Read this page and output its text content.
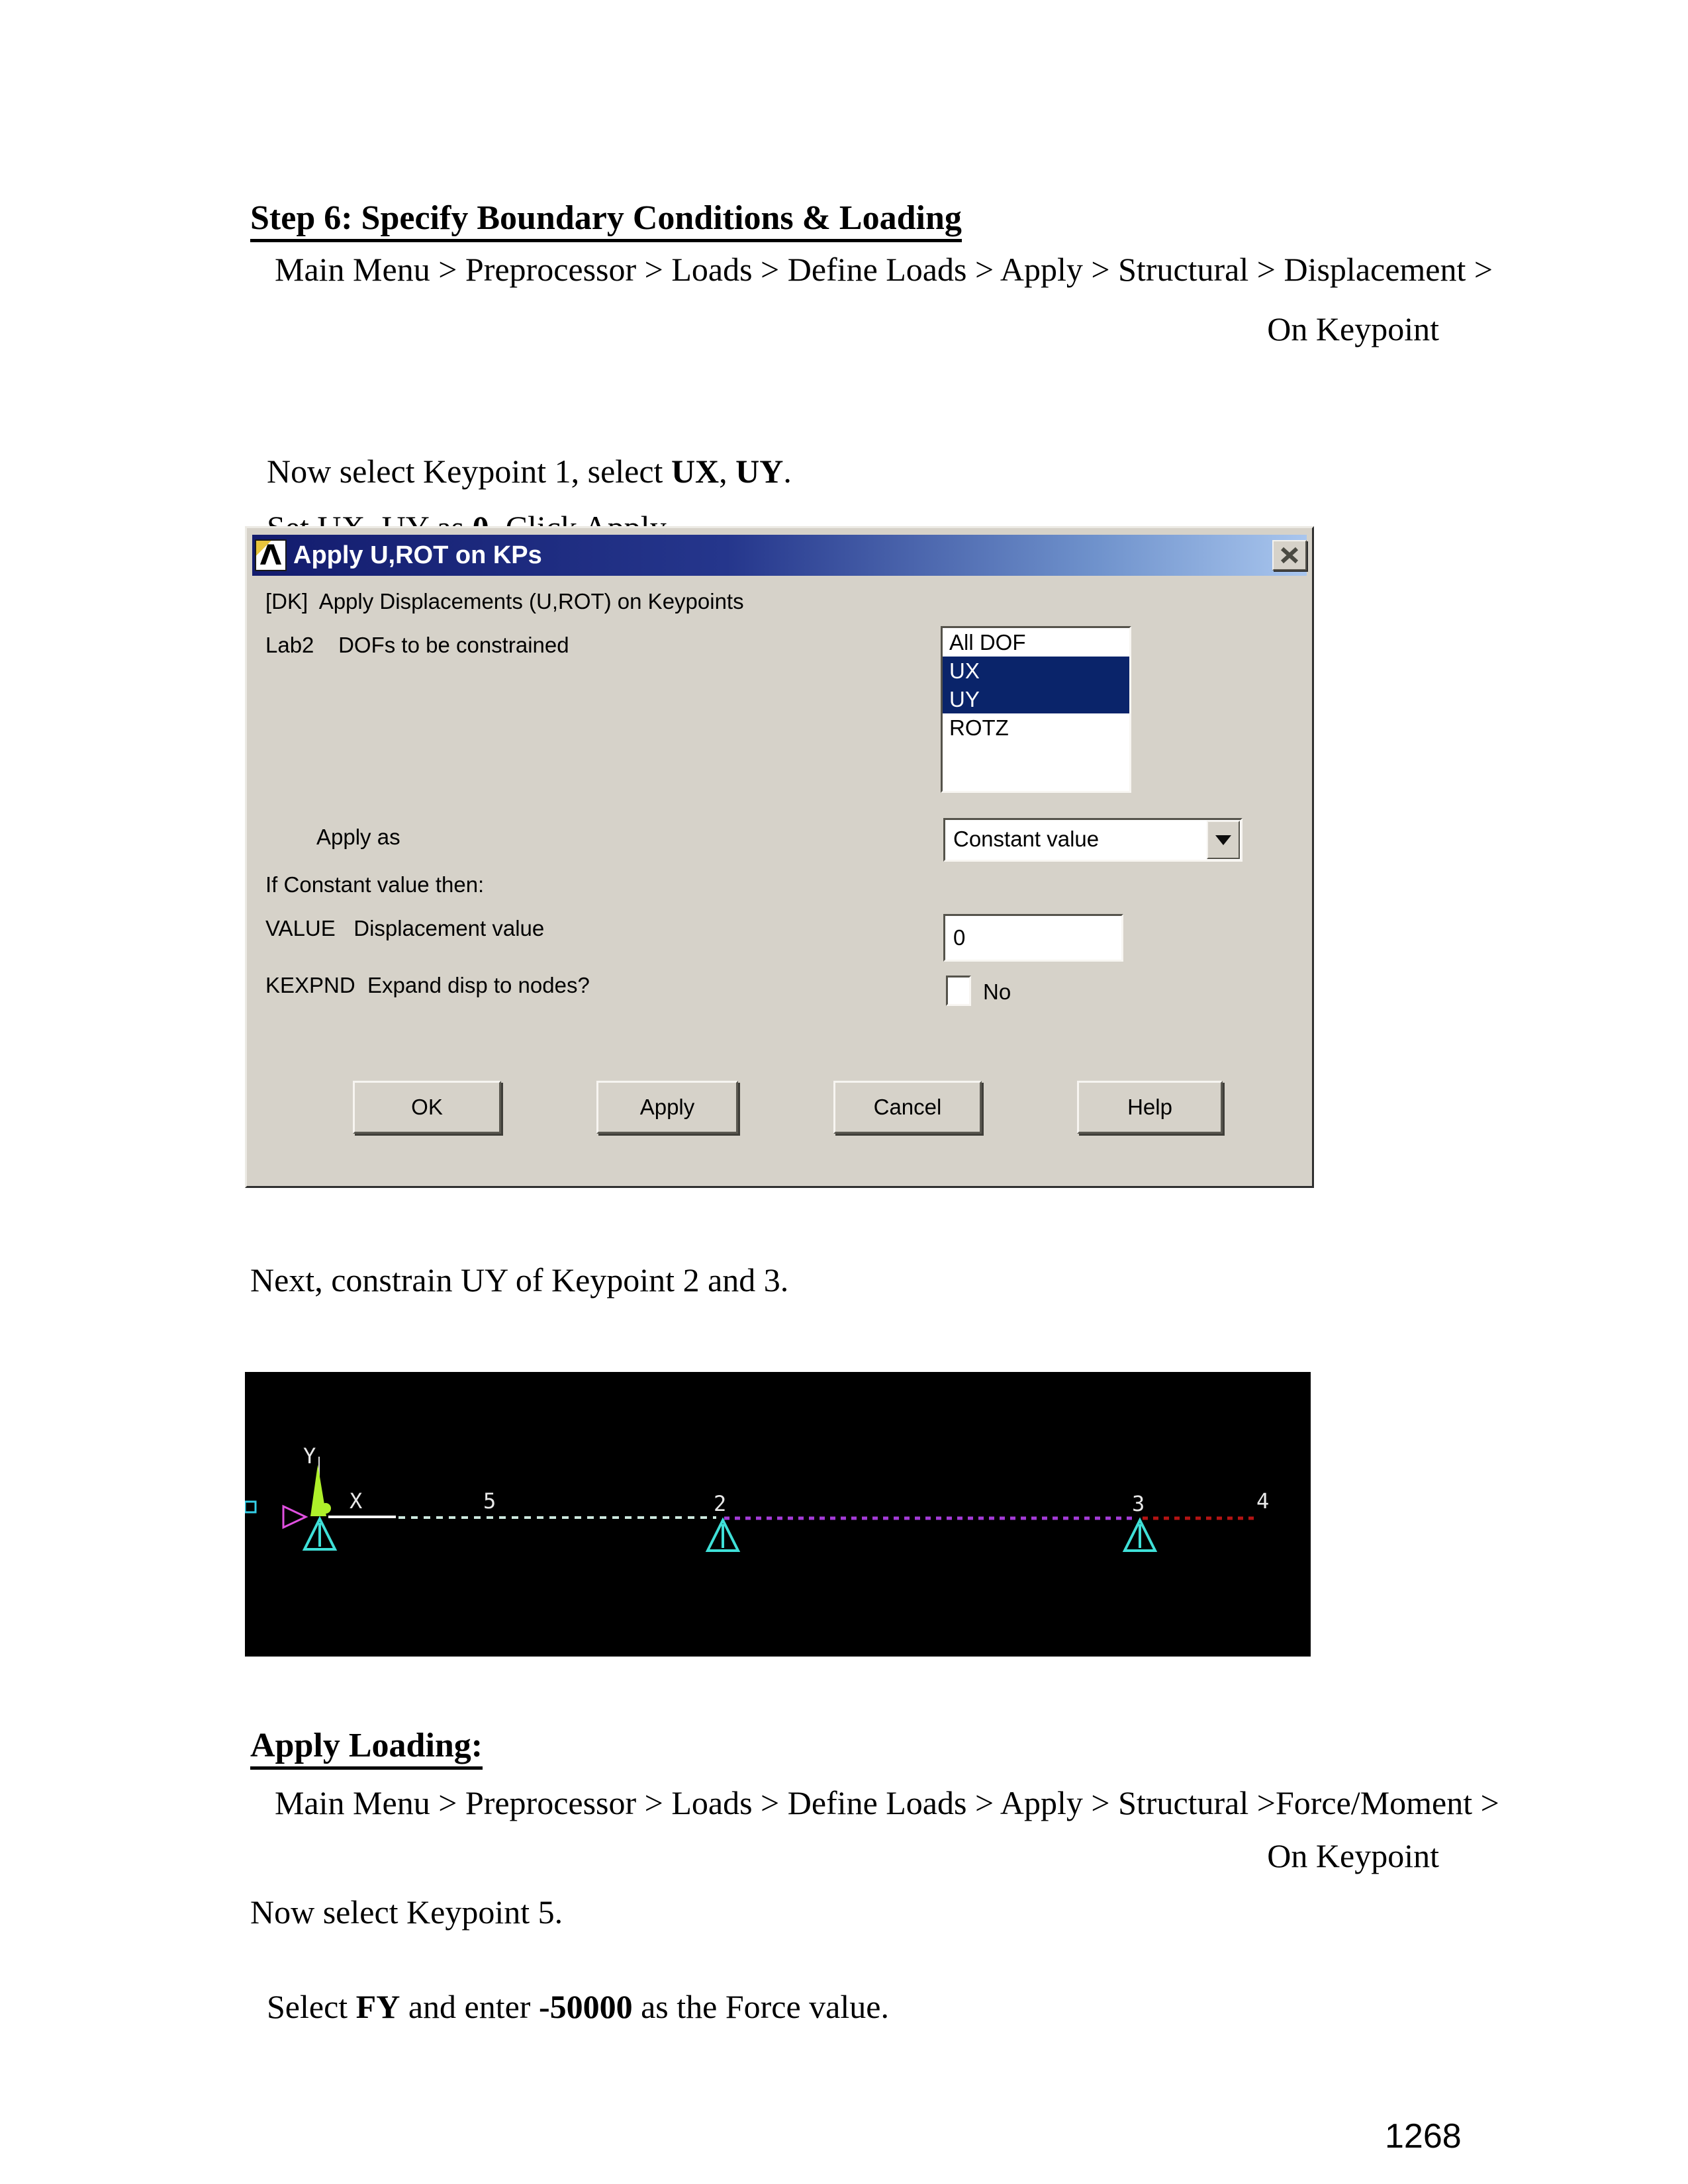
Step 6: Specify Boundary Conditions & Loading
Main Menu > Preprocessor > Loads > Define Loads > Apply > Structural > Displacement >
On Keypoint

Now select Keypoint 1, select UX, UY.

Λ Apply U,ROT on KPs
[DK]  Apply Displacements (U,ROT) on Keypoints
Lab2    DOFs to be constrained	All DOF
UX
UY
ROTZ
Apply as	Constant value
If Constant value then:
VALUE   Displacement value
0
KEXPND  Expand disp to nodes?	No
OK	Apply	Cancel	Help
Next, constrain UY of Keypoint 2 and 3.
Y
X	5	2	3	4
Apply Loading:
Main Menu > Preprocessor > Loads > Define Loads > Apply > Structural >Force/Moment >
On Keypoint
Now select Keypoint 5.

Select FY and enter -50000 as the Force value.

1268
